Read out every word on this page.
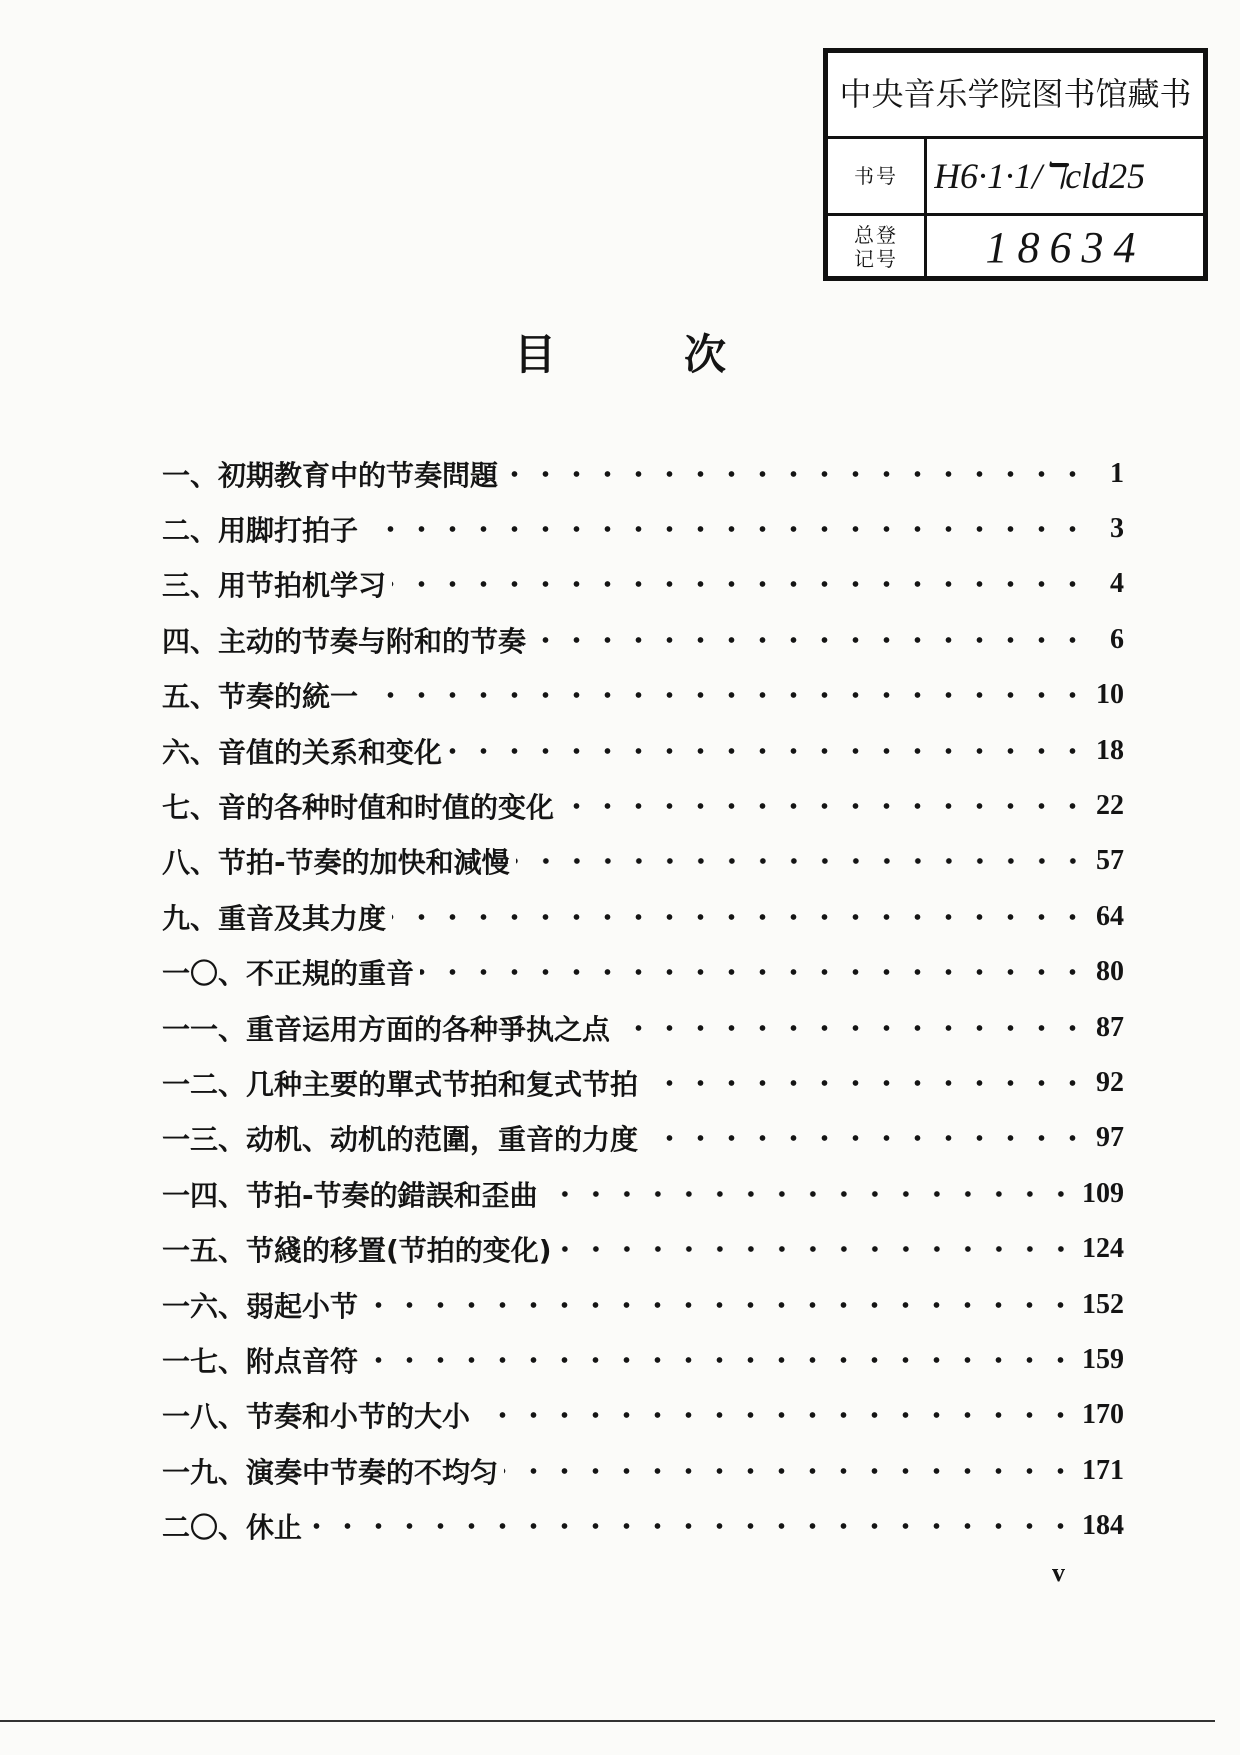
中央音乐学院图书馆藏书
书号 H6·1·1/ℸcld25
总登记号	18634
目	次
一、初期教育中的节奏問題	1
二、用脚打拍子	3
三、用节拍机学习	4
四、主动的节奏与附和的节奏	6
五、节奏的統一	10
六、音值的关系和变化	18
七、音的各种时值和时值的变化	22
八、节拍-节奏的加快和減慢	57
九、重音及其力度	64
一〇、不正規的重音	80
一一、重音运用方面的各种爭执之点	87
一二、几种主要的單式节拍和复式节拍	92
一三、动机、动机的范圍，重音的力度	97
一四、节拍-节奏的錯誤和歪曲	109
一五、节綫的移置(节拍的变化)	124
一六、弱起小节	152
一七、附点音符	159
一八、节奏和小节的大小	170
一九、演奏中节奏的不均匀	171
二〇、休止	184
v
